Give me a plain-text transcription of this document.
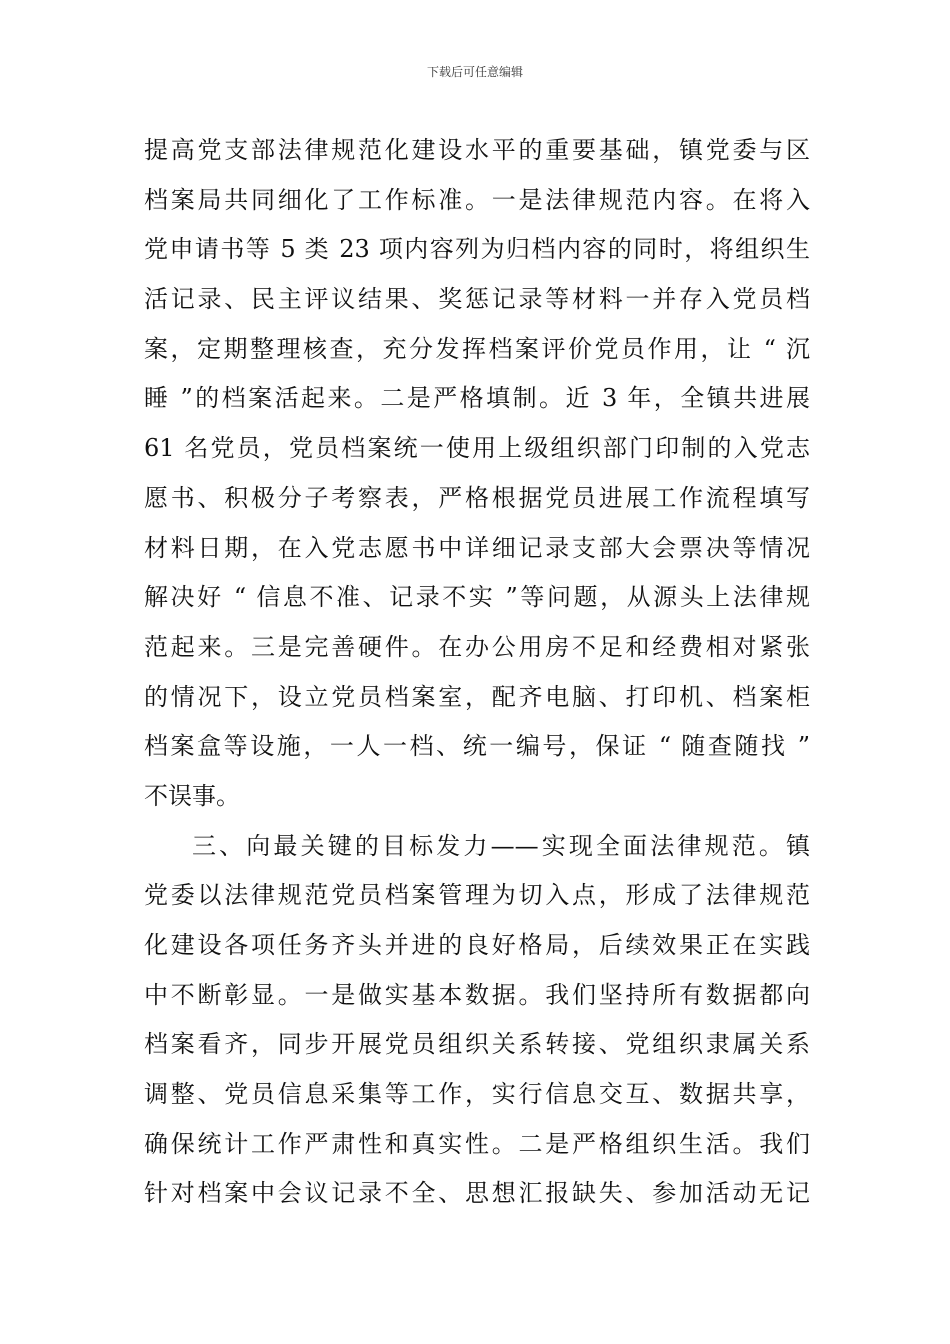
下载后可任意编辑
提高党支部法律规范化建设水平的重要基础，镇党委与区
档案局共同细化了工作标准。一是法律规范内容。在将入
党申请书等 5 类 23 项内容列为归档内容的同时，将组织生
活记录、民主评议结果、奖惩记录等材料一并存入党员档
案，定期整理核查，充分发挥档案评价党员作用，让 “ 沉
睡 ”的档案活起来。二是严格填制。近 3 年，全镇共进展
61 名党员，党员档案统一使用上级组织部门印制的入党志
愿书、积极分子考察表，严格根据党员进展工作流程填写
材料日期，在入党志愿书中详细记录支部大会票决等情况
解决好 “ 信息不准、记录不实 ”等问题，从源头上法律规
范起来。三是完善硬件。在办公用房不足和经费相对紧张
的情况下，设立党员档案室，配齐电脑、打印机、档案柜
档案盒等设施，一人一档、统一编号，保证 “ 随查随找 ”
不误事。
三、向最关键的目标发力——实现全面法律规范。镇
党委以法律规范党员档案管理为切入点，形成了法律规范
化建设各项任务齐头并进的良好格局，后续效果正在实践
中不断彰显。一是做实基本数据。我们坚持所有数据都向
档案看齐，同步开展党员组织关系转接、党组织隶属关系
调整、党员信息采集等工作，实行信息交互、数据共享，
确保统计工作严肃性和真实性。二是严格组织生活。我们
针对档案中会议记录不全、思想汇报缺失、参加活动无记
